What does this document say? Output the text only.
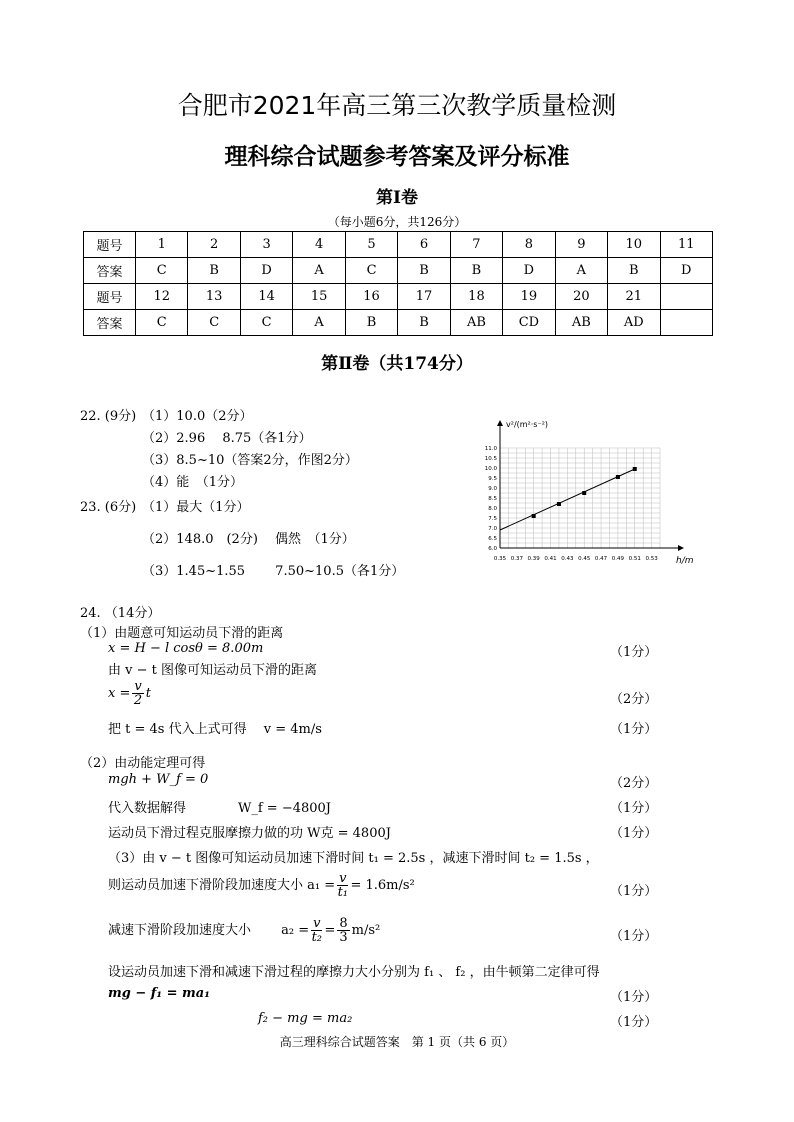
合肥市2021年高三第三次教学质量检测
理科综合试题参考答案及评分标准
第Ⅰ卷
（每小题6分，共126分）
题号	1	2	3	4	5	6	7	8	9	10	11
答案	C	B	D	A	C	B	B	D	A	B	D
题号	12	13	14	15	16	17	18	19	20	21	
答案	C	C	C	A	B	B	AB	CD	AB	AD	
第Ⅱ卷（共174分）
22. (9分) （1）10.0（2分）
（2）2.96　 8.75（各1分）
（3）8.5~10（答案2分，作图2分）
（4）能　（1分）
23. (6分) （1）最大（1分）
（2）148.0　(2分)　 偶然　（1分）
（3）1.45~1.55　　 7.50~10.5（各1分）
0.35 0.37 0.39 0.41 0.43 0.45 0.47 0.49 0.51 0.53
6.0
6.5
7.0
7.5
8.0
8.5
9.0
9.5
10.0
10.5
11.0
v²/(m²·s⁻²)
h/m
24. （14分）
（1）由题意可知运动员下滑的距离
x = H − l cosθ = 8.00m	（1分）
由 v − t 图像可知运动员下滑的距离
$x = \frac{v}{2}$ t	（2分）
把 t = 4s 代入上式可得　 v = 4m/s	（1分）
（2）由动能定理可得
mgh + W_f = 0	（2分）
代入数据解得　　　　W_f = −4800J	（1分）
运动员下滑过程克服摩擦力做的功 W克 = 4800J	（1分）
（3）由 v − t 图像可知运动员加速下滑时间 t₁ = 2.5s ，减速下滑时间 t₂ = 1.5s ，
则运动员加速下滑阶段加速度大小 $a_1 = \frac{v}{\text{t₁}} = 1.6m/s^2$	（1分）
减速下滑阶段加速度大小　　 $a_2 = \frac{v}{\text{t₂}} = \frac{8}{3} m/s^2$	（1分）
设运动员加速下滑和减速下滑过程的摩擦力大小分别为 f₁ 、 f₂ ，由牛顿第二定律可得
mg − f₁ = ma₁	（1分）
f₂ − mg = ma₂	（1分）
高三理科综合试题答案　第 1 页（共 6 页）
